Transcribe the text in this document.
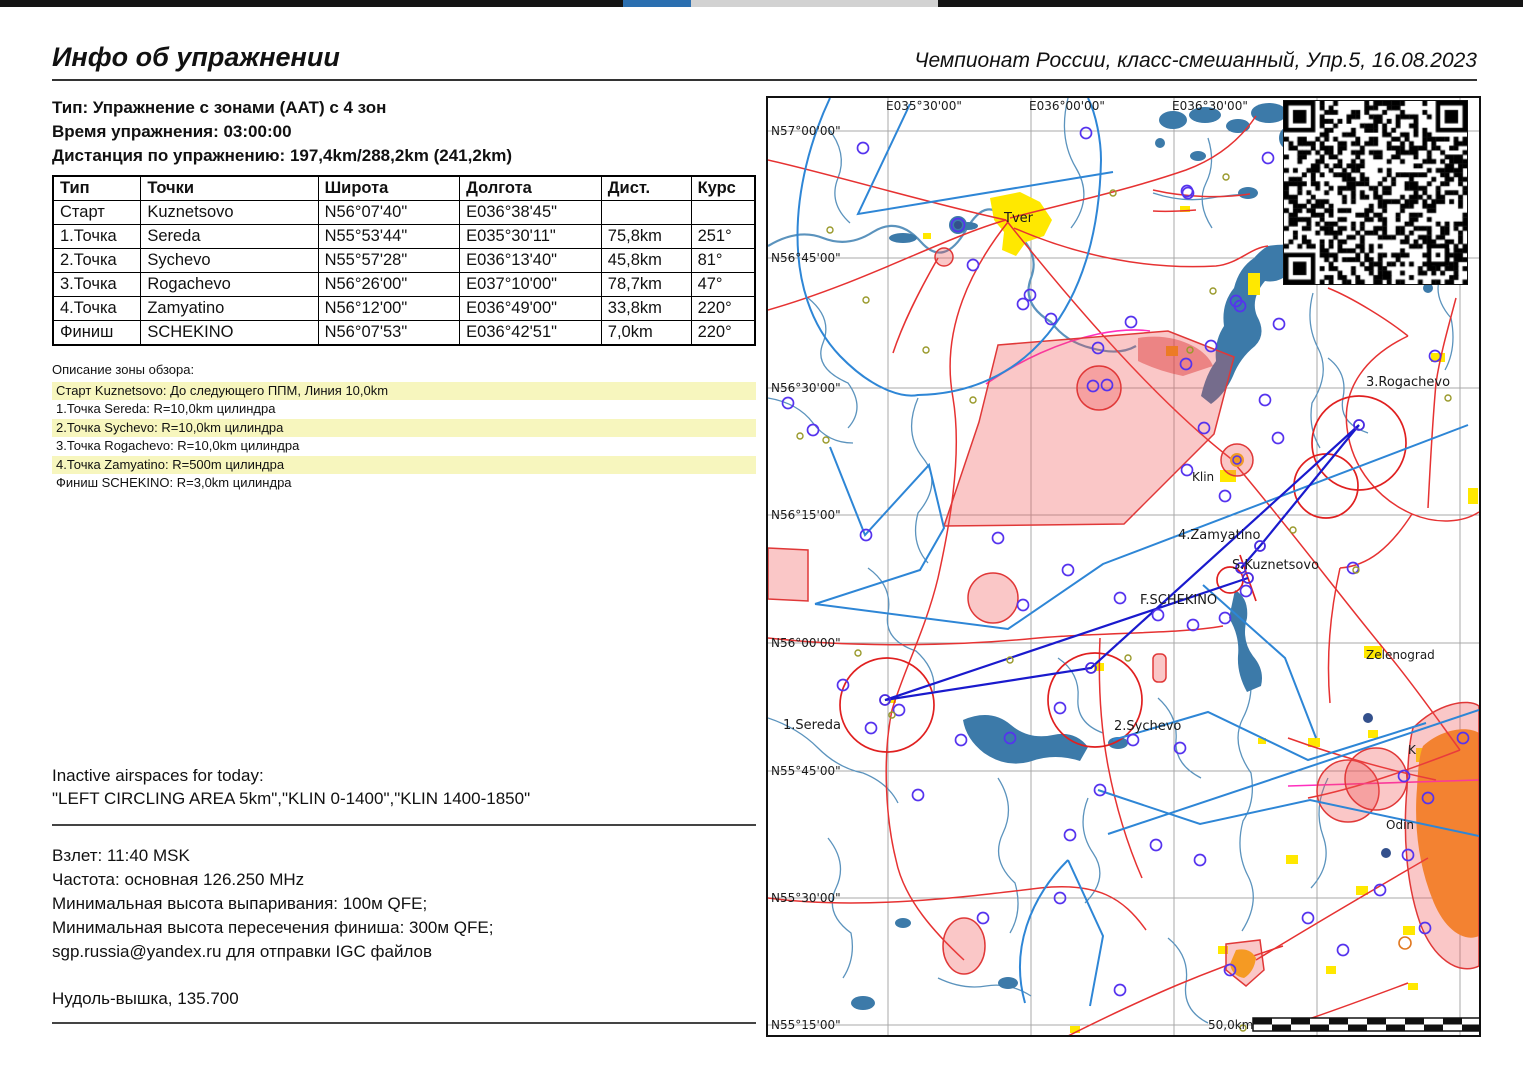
Инфо об упражнении	Чемпионат России, класс-смешанный, Упр.5, 16.08.2023
Тип: Упражнение с зонами (AAT) с 4 зон
Время упражнения: 03:00:00
Дистанция по упражнению: 197,4km/288,2km (241,2km)
Тип	Точки	Широта	Долгота	Дист.	Курс
Старт	Kuznetsovo	N56°07'40"	E036°38'45"		
1.Точка	Sereda	N55°53'44"	E035°30'11"	75,8km	251°
2.Точка	Sychevo	N55°57'28"	E036°13'40"	45,8km	81°
3.Точка	Rogachevo	N56°26'00"	E037°10'00"	78,7km	47°
4.Точка	Zamyatino	N56°12'00"	E036°49'00"	33,8km	220°
Финиш	SCHEKINO	N56°07'53"	E036°42'51"	7,0km	220°
Описание зоны обзора:
Старт Kuznetsovo: До следующего ППМ, Линия 10,0km
1.Точка Sereda: R=10,0km цилиндра
2.Точка Sychevo: R=10,0km цилиндра
3.Точка Rogachevo: R=10,0km цилиндра
4.Точка Zamyatino: R=500m цилиндра
Финиш SCHEKINO: R=3,0km цилиндра
Inactive airspaces for today:
"LEFT CIRCLING AREA 5km","KLIN 0-1400","KLIN 1400-1850"
Взлет: 11:40 MSK
Частота: основная 126.250 MHz
Минимальная высота выпаривания: 100м QFE;
Минимальная высота пересечения финиша: 300м QFE;
sgp.russia@yandex.ru для отправки IGC файлов
Нудоль-вышка, 135.700
E035°30'00"	E036°00'00"	E036°30'00"
N57°00'00"
N56°45'00"
N56°30'00"
N56°15'00"
N56°00'00"
N55°45'00"
N55°30'00"
N55°15'00"
Tver
Klin
3.Rogachevo
4.Zamyatino
S.Kuznetsovo
F.SCHEKINO
1.Sereda	2.Sychevo
Zelenograd
Odin
K
50,0km
